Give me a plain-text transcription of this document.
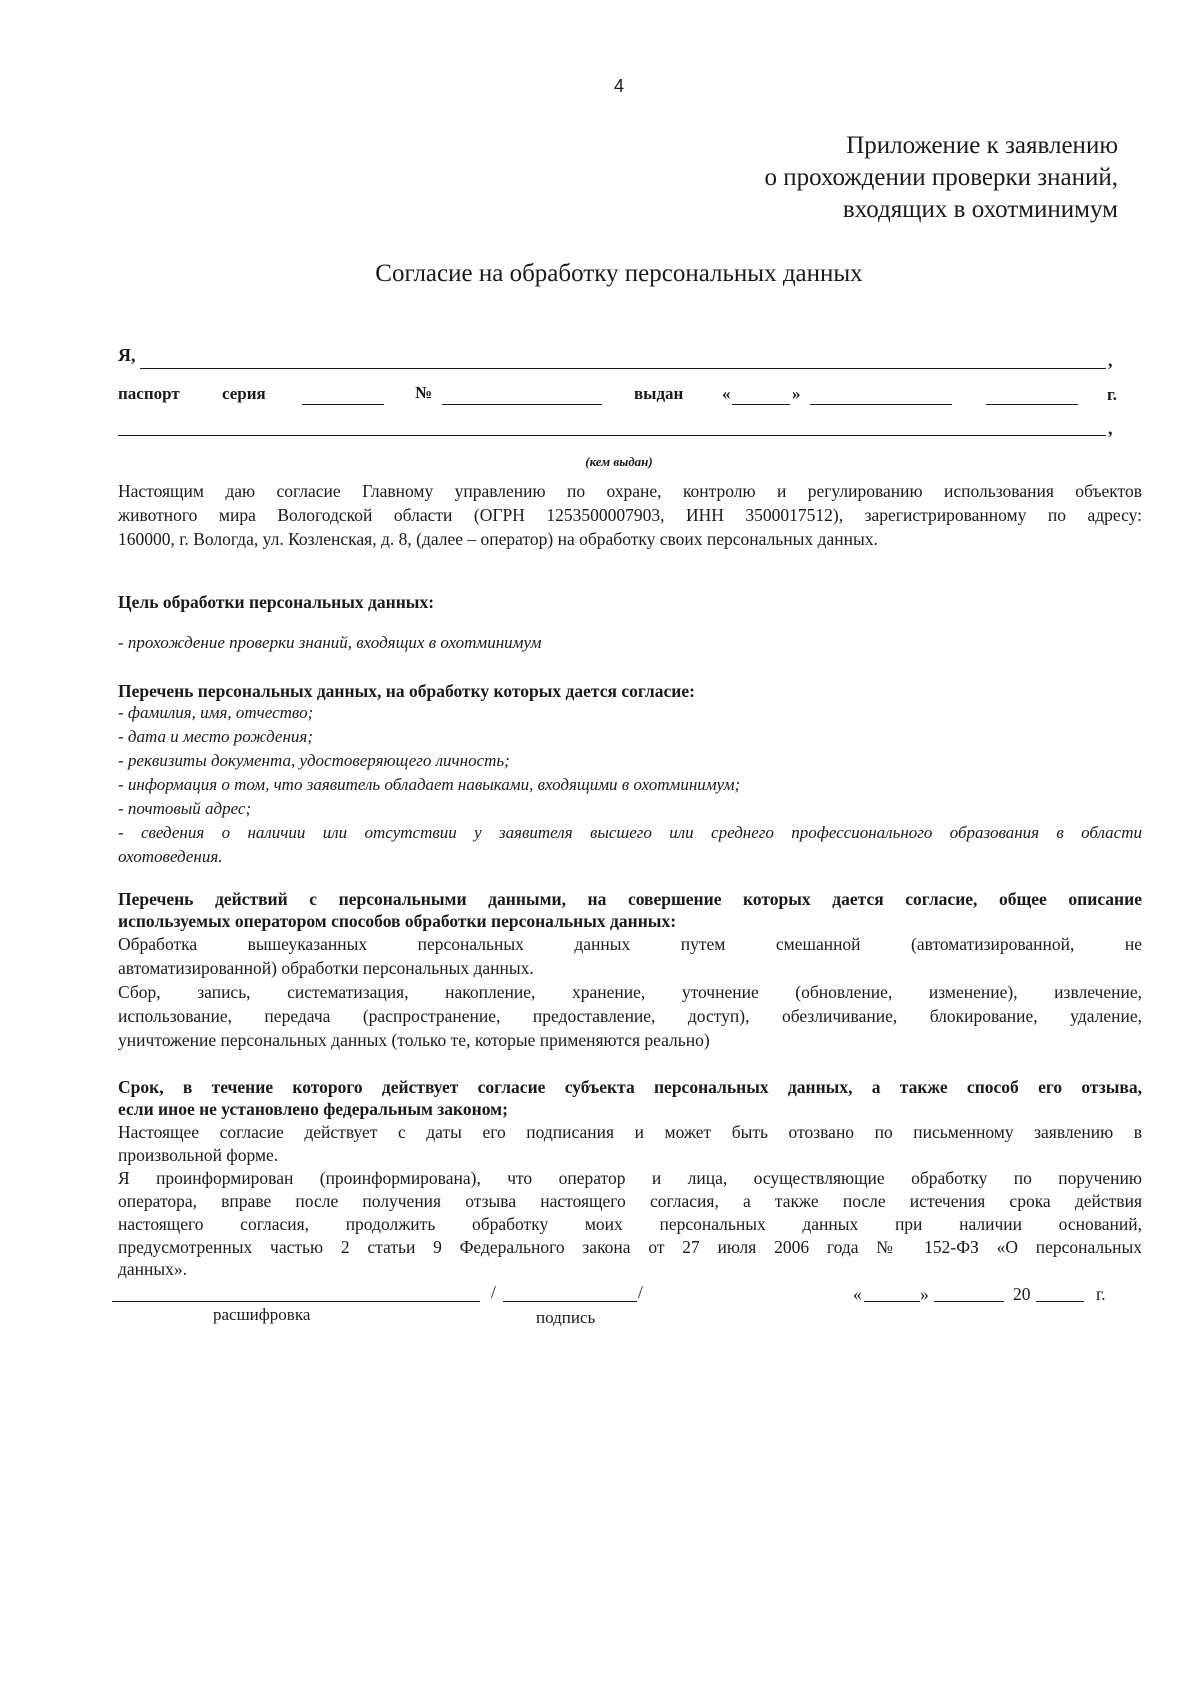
4
Приложение к заявлению
о прохождении проверки знаний,
входящих в охотминимум
Согласие на обработку персональных данных
Я,	,
паспорт серия	№	выдан «	»	г.
,
(кем выдан)
Настоящим даю согласие Главному управлению по охране, контролю и регулированию использования объектов
животного мира Вологодской области (ОГРН 1253500007903, ИНН 3500017512), зарегистрированному по адресу:
160000, г. Вологда, ул. Козленская, д. 8, (далее – оператор) на обработку своих персональных данных.
Цель обработки персональных данных:
- прохождение проверки знаний, входящих в охотминимум
Перечень персональных данных, на обработку которых дается согласие:
- фамилия, имя, отчество;
- дата и место рождения;
- реквизиты документа, удостоверяющего личность;
- информация о том, что заявитель обладает навыками, входящими в охотминимум;
- почтовый адрес;
- сведения о наличии или отсутствии у заявителя высшего или среднего профессионального образования в области
охотоведения.
Перечень действий с персональными данными, на совершение которых дается согласие, общее описание
используемых оператором способов обработки персональных данных:
Обработка вышеуказанных персональных данных путем смешанной (автоматизированной, не
автоматизированной) обработки персональных данных.
Сбор, запись, систематизация, накопление, хранение, уточнение (обновление, изменение), извлечение,
использование, передача (распространение, предоставление, доступ), обезличивание, блокирование, удаление,
уничтожение персональных данных (только те, которые применяются реально)
Срок, в течение которого действует согласие субъекта персональных данных, а также способ его отзыва,
если иное не установлено федеральным законом;
Настоящее согласие действует с даты его подписания и может быть отозвано по письменному заявлению в
произвольной форме.
Я проинформирован (проинформирована), что оператор и лица, осуществляющие обработку по поручению
оператора, вправе после получения отзыва настоящего согласия, а также после истечения срока действия
настоящего согласия, продолжить обработку моих персональных данных при наличии оснований,
предусмотренных частью 2 статьи 9 Федерального закона от 27 июля 2006 года № 152-ФЗ «О персональных
данных».
/	/	«	»	20	г.
расшифровка	подпись
